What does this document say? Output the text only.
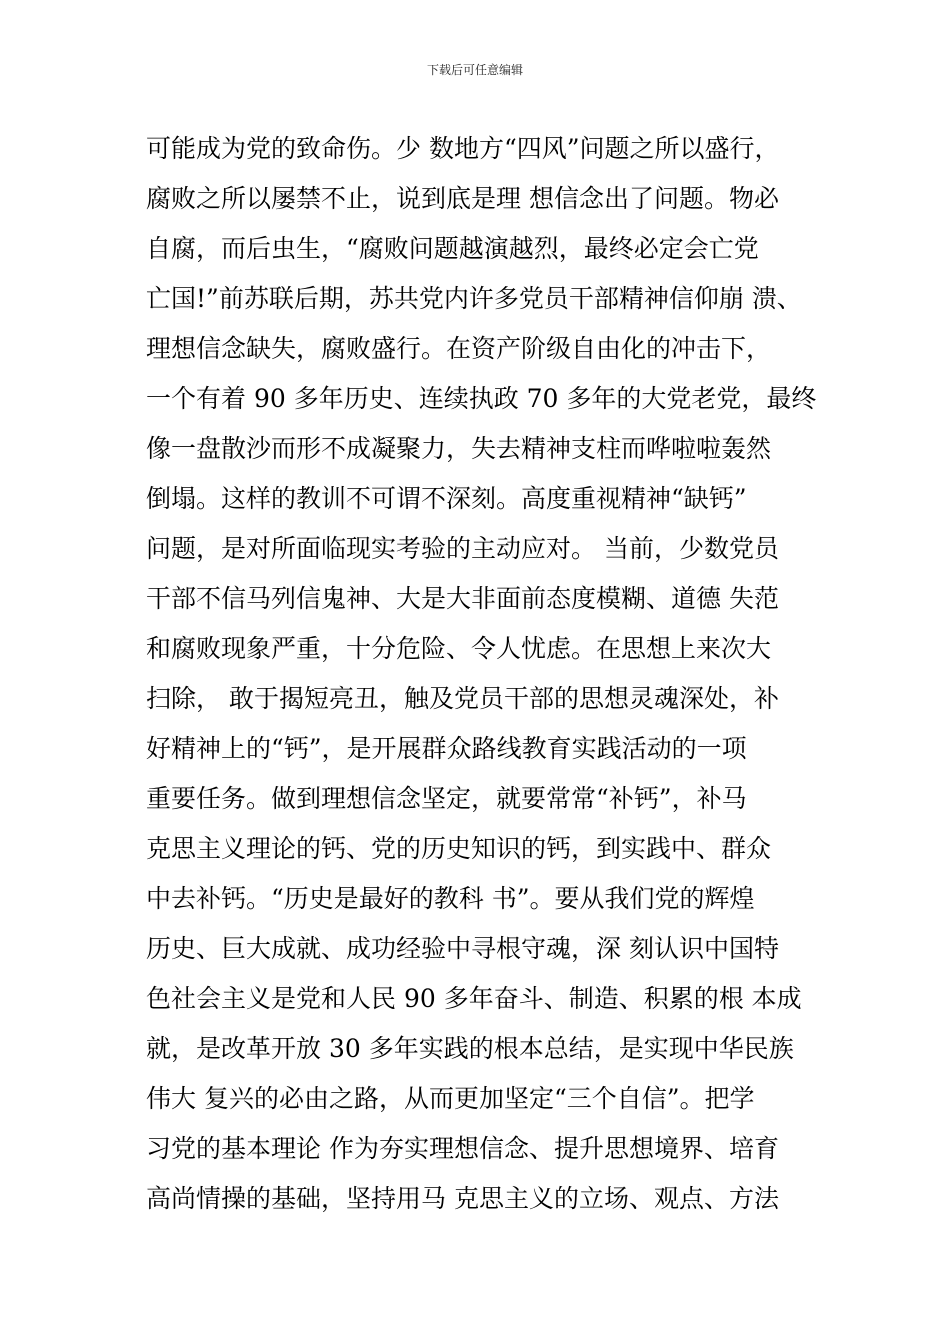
下载后可任意编辑
可能成为党的致命伤。少 数地方“四风”问题之所以盛行，
腐败之所以屡禁不止，说到底是理 想信念出了问题。物必
自腐，而后虫生，“腐败问题越演越烈，最终必定会亡党
亡国!”前苏联后期，苏共党内许多党员干部精神信仰崩 溃、
理想信念缺失，腐败盛行。在资产阶级自由化的冲击下，
一个有着 90 多年历史、连续执政 70 多年的大党老党，最终
像一盘散沙而形不成凝聚力，失去精神支柱而哗啦啦轰然
倒塌。这样的教训不可谓不深刻。高度重视精神“缺钙”
问题，是对所面临现实考验的主动应对。 当前，少数党员
干部不信马列信鬼神、大是大非面前态度模糊、道德 失范
和腐败现象严重，十分危险、令人忧虑。在思想上来次大
扫除， 敢于揭短亮丑，触及党员干部的思想灵魂深处，补
好精神上的“钙”，是开展群众路线教育实践活动的一项
重要任务。做到理想信念坚定，就要常常“补钙”，补马
克思主义理论的钙、党的历史知识的钙，到实践中、群众
中去补钙。“历史是最好的教科 书”。要从我们党的辉煌
历史、巨大成就、成功经验中寻根守魂，深 刻认识中国特
色社会主义是党和人民 90 多年奋斗、制造、积累的根 本成
就，是改革开放 30 多年实践的根本总结，是实现中华民族
伟大 复兴的必由之路，从而更加坚定“三个自信”。把学
习党的基本理论 作为夯实理想信念、提升思想境界、培育
高尚情操的基础，坚持用马 克思主义的立场、观点、方法
